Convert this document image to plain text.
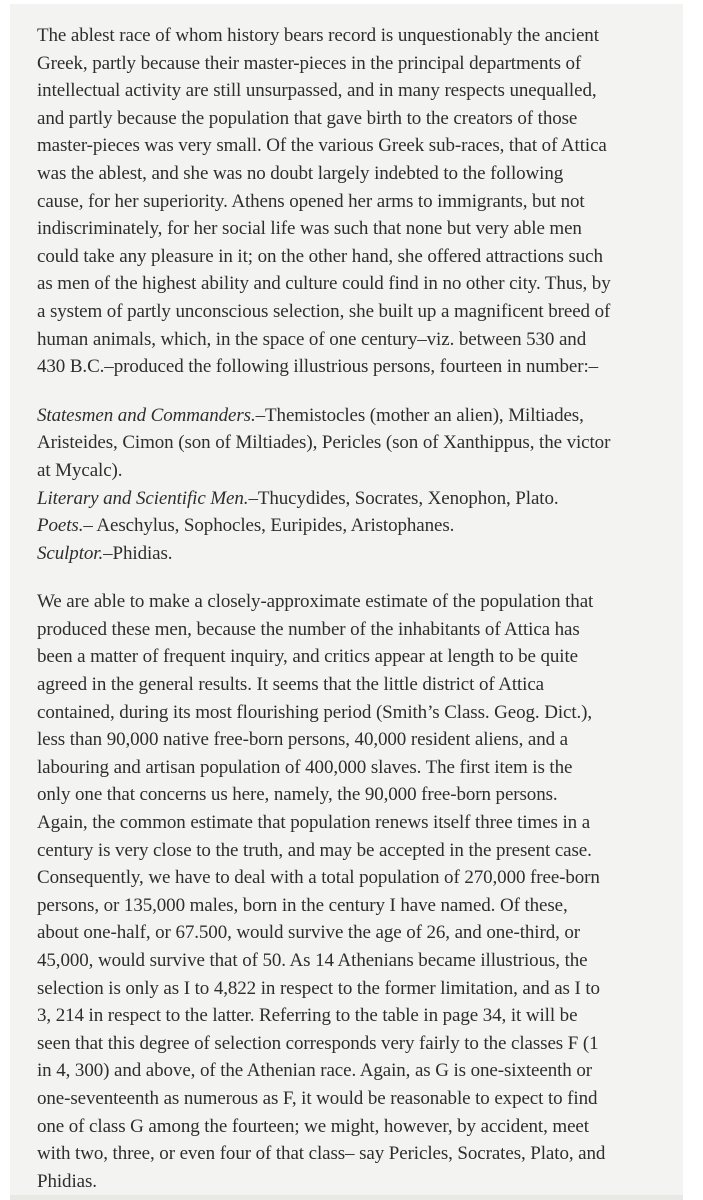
The ablest race of whom history bears record is unquestionably the ancient
Greek, partly because their master-pieces in the principal departments of
intellectual activity are still unsurpassed, and in many respects unequalled,
and partly because the population that gave birth to the creators of those
master-pieces was very small. Of the various Greek sub-races, that of Attica
was the ablest, and she was no doubt largely indebted to the following
cause, for her superiority. Athens opened her arms to immigrants, but not
indiscriminately, for her social life was such that none but very able men
could take any pleasure in it; on the other hand, she offered attractions such
as men of the highest ability and culture could find in no other city. Thus, by
a system of partly unconscious selection, she built up a magnificent breed of
human animals, which, in the space of one century–viz. between 530 and
430 B.C.–produced the following illustrious persons, fourteen in number:–
Statesmen and Commanders.–Themistocles (mother an alien), Miltiades,
Aristeides, Cimon (son of Miltiades), Pericles (son of Xanthippus, the victor
at Mycalc).
Literary and Scientific Men.–Thucydides, Socrates, Xenophon, Plato.
Poets.– Aeschylus, Sophocles, Euripides, Aristophanes.
Sculptor.–Phidias.
We are able to make a closely-approximate estimate of the population that
produced these men, because the number of the inhabitants of Attica has
been a matter of frequent inquiry, and critics appear at length to be quite
agreed in the general results. It seems that the little district of Attica
contained, during its most flourishing period (Smith’s Class. Geog. Dict.),
less than 90,000 native free-born persons, 40,000 resident aliens, and a
labouring and artisan population of 400,000 slaves. The first item is the
only one that concerns us here, namely, the 90,000 free-born persons.
Again, the common estimate that population renews itself three times in a
century is very close to the truth, and may be accepted in the present case.
Consequently, we have to deal with a total population of 270,000 free-born
persons, or 135,000 males, born in the century I have named. Of these,
about one-half, or 67.500, would survive the age of 26, and one-third, or
45,000, would survive that of 50. As 14 Athenians became illustrious, the
selection is only as I to 4,822 in respect to the former limitation, and as I to
3, 214 in respect to the latter. Referring to the table in page 34, it will be
seen that this degree of selection corresponds very fairly to the classes F (1
in 4, 300) and above, of the Athenian race. Again, as G is one-sixteenth or
one-seventeenth as numerous as F, it would be reasonable to expect to find
one of class G among the fourteen; we might, however, by accident, meet
with two, three, or even four of that class– say Pericles, Socrates, Plato, and
Phidias.
